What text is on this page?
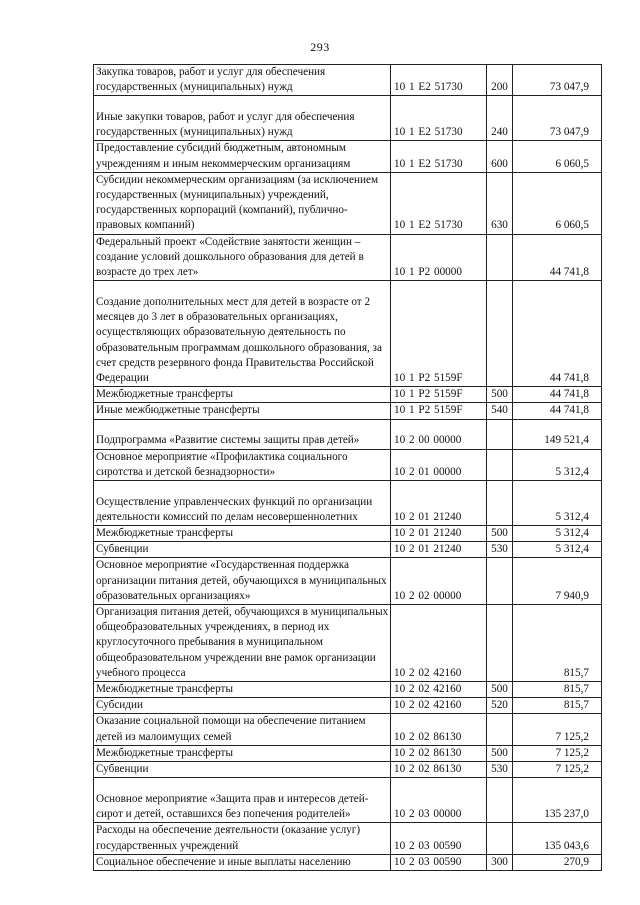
293
Закупка товаров, работ и услуг для обеспечения государственных (муниципальных) нужд	10 1 E2 51730	200	73 047,9
Иные закупки товаров, работ и услуг для обеспечения государственных (муниципальных) нужд	10 1 E2 51730	240	73 047,9
Предоставление субсидий бюджетным, автономным учреждениям и иным некоммерческим организациям	10 1 E2 51730	600	6 060,5
Субсидии некоммерческим организациям (за исключением государственных (муниципальных) учреждений, государственных корпораций (компаний), публично-правовых компаний)	10 1 E2 51730	630	6 060,5
Федеральный проект «Содействие занятости женщин – создание условий дошкольного образования для детей в возрасте до трех лет»	10 1 P2 00000		44 741,8
Создание дополнительных мест для детей в возрасте от 2 месяцев до 3 лет в образовательных организациях, осуществляющих образовательную деятельность по образовательным программам дошкольного образования, за счет средств резервного фонда Правительства Российской Федерации	10 1 P2 5159F		44 741,8
Межбюджетные трансферты	10 1 P2 5159F	500	44 741,8
Иные межбюджетные трансферты	10 1 P2 5159F	540	44 741,8
Подпрограмма «Развитие системы защиты прав детей»	10 2 00 00000		149 521,4
Основное мероприятие «Профилактика социального сиротства и детской безнадзорности»	10 2 01 00000		5 312,4
Осуществление управленческих функций по организации деятельности комиссий по делам несовершеннолетних	10 2 01 21240		5 312,4
Межбюджетные трансферты	10 2 01 21240	500	5 312,4
Субвенции	10 2 01 21240	530	5 312,4
Основное мероприятие «Государственная поддержка организации питания детей, обучающихся в муниципальных образовательных организациях»	10 2 02 00000		7 940,9
Организация питания детей, обучающихся в муниципальных общеобразовательных учреждениях, в период их круглосуточного пребывания в муниципальном общеобразовательном учреждении вне рамок организации учебного процесса	10 2 02 42160		815,7
Межбюджетные трансферты	10 2 02 42160	500	815,7
Субсидии	10 2 02 42160	520	815,7
Оказание социальной помощи на обеспечение питанием детей из малоимущих семей	10 2 02 86130		7 125,2
Межбюджетные трансферты	10 2 02 86130	500	7 125,2
Субвенции	10 2 02 86130	530	7 125,2
Основное мероприятие «Защита прав и интересов детей-сирот и детей, оставшихся без попечения родителей»	10 2 03 00000		135 237,0
Расходы на обеспечение деятельности (оказание услуг) государственных учреждений	10 2 03 00590		135 043,6
Социальное обеспечение и иные выплаты населению	10 2 03 00590	300	270,9
